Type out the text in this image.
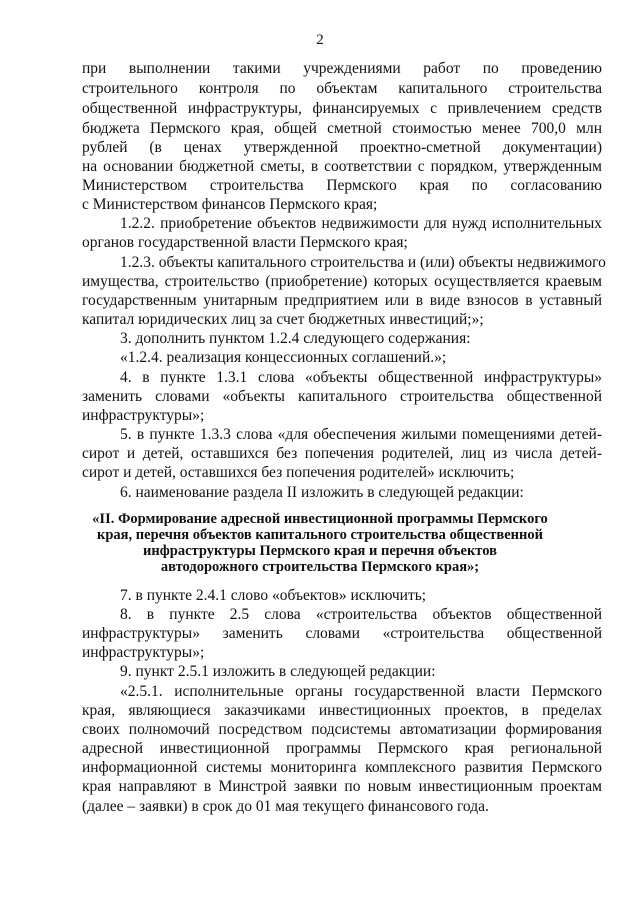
2
при выполнении такими учреждениями работ по проведению
строительного контроля по объектам капитального строительства
общественной инфраструктуры, финансируемых с привлечением средств
бюджета Пермского края, общей сметной стоимостью менее 700,0 млн
рублей (в ценах утвержденной проектно-сметной документации)
на основании бюджетной сметы, в соответствии с порядком, утвержденным
Министерством строительства Пермского края по согласованию
с Министерством финансов Пермского края;
1.2.2. приобретение объектов недвижимости для нужд исполнительных
органов государственной власти Пермского края;
1.2.3. объекты капитального строительства и (или) объекты недвижимого
имущества, строительство (приобретение) которых осуществляется краевым
государственным унитарным предприятием или в виде взносов в уставный
капитал юридических лиц за счет бюджетных инвестиций;»;
3. дополнить пунктом 1.2.4 следующего содержания:
«1.2.4. реализация концессионных соглашений.»;
4. в пункте 1.3.1 слова «объекты общественной инфраструктуры»
заменить словами «объекты капитального строительства общественной
инфраструктуры»;
5. в пункте 1.3.3 слова «для обеспечения жилыми помещениями детей-
сирот и детей, оставшихся без попечения родителей, лиц из числа детей-
сирот и детей, оставшихся без попечения родителей» исключить;
6. наименование раздела II изложить в следующей редакции:
«II. Формирование адресной инвестиционной программы Пермского
края, перечня объектов капитального строительства общественной
инфраструктуры Пермского края и перечня объектов
автодорожного строительства Пермского края»;
7. в пункте 2.4.1 слово «объектов» исключить;
8. в пункте 2.5 слова «строительства объектов общественной
инфраструктуры» заменить словами «строительства общественной
инфраструктуры»;
9. пункт 2.5.1 изложить в следующей редакции:
«2.5.1. исполнительные органы государственной власти Пермского
края, являющиеся заказчиками инвестиционных проектов, в пределах
своих полномочий посредством подсистемы автоматизации формирования
адресной инвестиционной программы Пермского края региональной
информационной системы мониторинга комплексного развития Пермского
края направляют в Минстрой заявки по новым инвестиционным проектам
(далее – заявки) в срок до 01 мая текущего финансового года.
